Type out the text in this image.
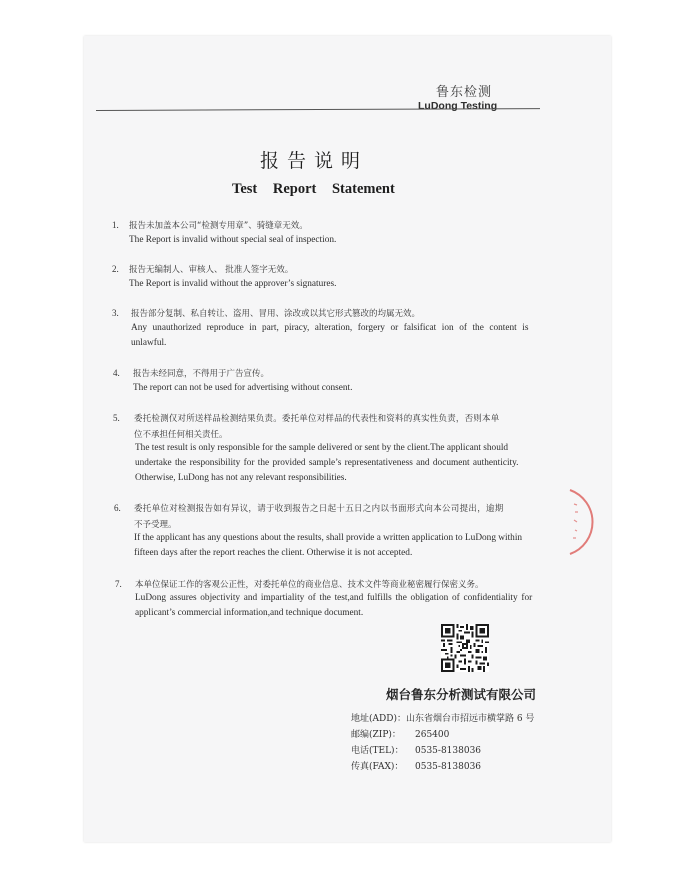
鲁东检测
LuDong Testing
报告说明
Test Report Statement
1. 报告未加盖本公司“检测专用章”、骑缝章无效。
The Report is invalid without special seal of inspection.
2. 报告无编制人、审核人、 批准人签字无效。
The Report is invalid without the approver’s signatures.
3. 报告部分复制、私自转让、盗用、冒用、涂改或以其它形式篡改的均属无效。
Any unauthorized reproduce in part, piracy, alteration, forgery or falsificat ion of the content is
unlawful.
4. 报告未经同意，不得用于广告宣传。
The report can not be used for advertising without consent.
5. 委托检测仅对所送样品检测结果负责。委托单位对样品的代表性和资料的真实性负责，否则本单
位不承担任何相关责任。
The test result is only responsible for the sample delivered or sent by the client.The applicant should
undertake the responsibility for the provided sample’s representativeness and document authenticity.
Otherwise, LuDong has not any relevant responsibilities.
6. 委托单位对检测报告如有异议，请于收到报告之日起十五日之内以书面形式向本公司提出，逾期
不予受理。
If the applicant has any questions about the results, shall provide a written application to LuDong within
fifteen days after the report reaches the client. Otherwise it is not accepted.
7. 本单位保证工作的客观公正性，对委托单位的商业信息、技术文件等商业秘密履行保密义务。
LuDong assures objectivity and impartiality of the test,and fulfills the obligation of confidentiality for
applicant’s commercial information,and technique document.
烟台鲁东分析测试有限公司
地址(ADD)：山东省烟台市招远市横掌路 6 号
邮编(ZIP)： 265400
电话(TEL)： 0535-8138036
传真(FAX)： 0535-8138036
